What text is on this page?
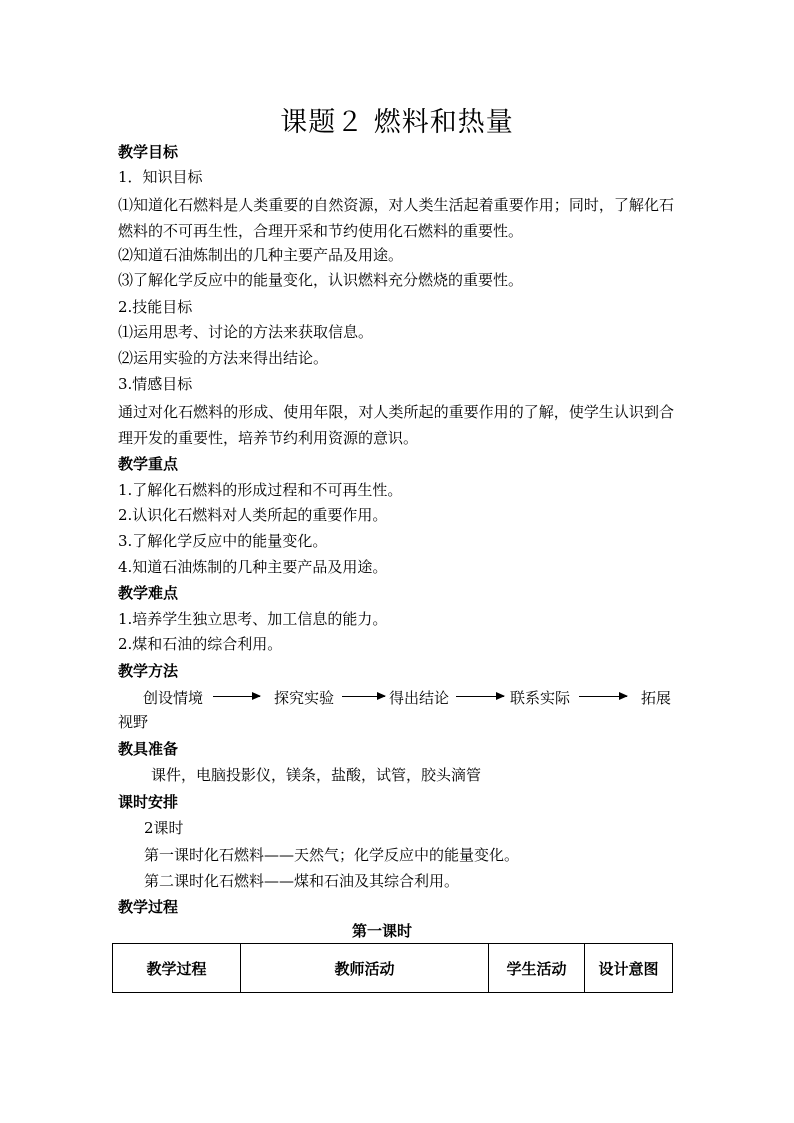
课题２ 燃料和热量
教学目标
1．知识目标
⑴知道化石燃料是人类重要的自然资源，对人类生活起着重要作用；同时，了解化石燃料的不可再生性，合理开采和节约使用化石燃料的重要性。
⑵知道石油炼制出的几种主要产品及用途。
⑶了解化学反应中的能量变化，认识燃料充分燃烧的重要性。
2.技能目标
⑴运用思考、讨论的方法来获取信息。
⑵运用实验的方法来得出结论。
3.情感目标
通过对化石燃料的形成、使用年限，对人类所起的重要作用的了解，使学生认识到合理开发的重要性，培养节约利用资源的意识。
教学重点
1.了解化石燃料的形成过程和不可再生性。
2.认识化石燃料对人类所起的重要作用。
3.了解化学反应中的能量变化。
4.知道石油炼制的几种主要产品及用途。
教学难点
1.培养学生独立思考、加工信息的能力。
2.煤和石油的综合利用。
教学方法
创设情境	探究实验	得出结论	联系实际	拓展
视野
教具准备
课件，电脑投影仪，镁条，盐酸，试管，胶头滴管
课时安排
2课时
第一课时化石燃料——天然气；化学反应中的能量变化。
第二课时化石燃料——煤和石油及其综合利用。
教学过程
第一课时
教学过程	教师活动	学生活动	设计意图
